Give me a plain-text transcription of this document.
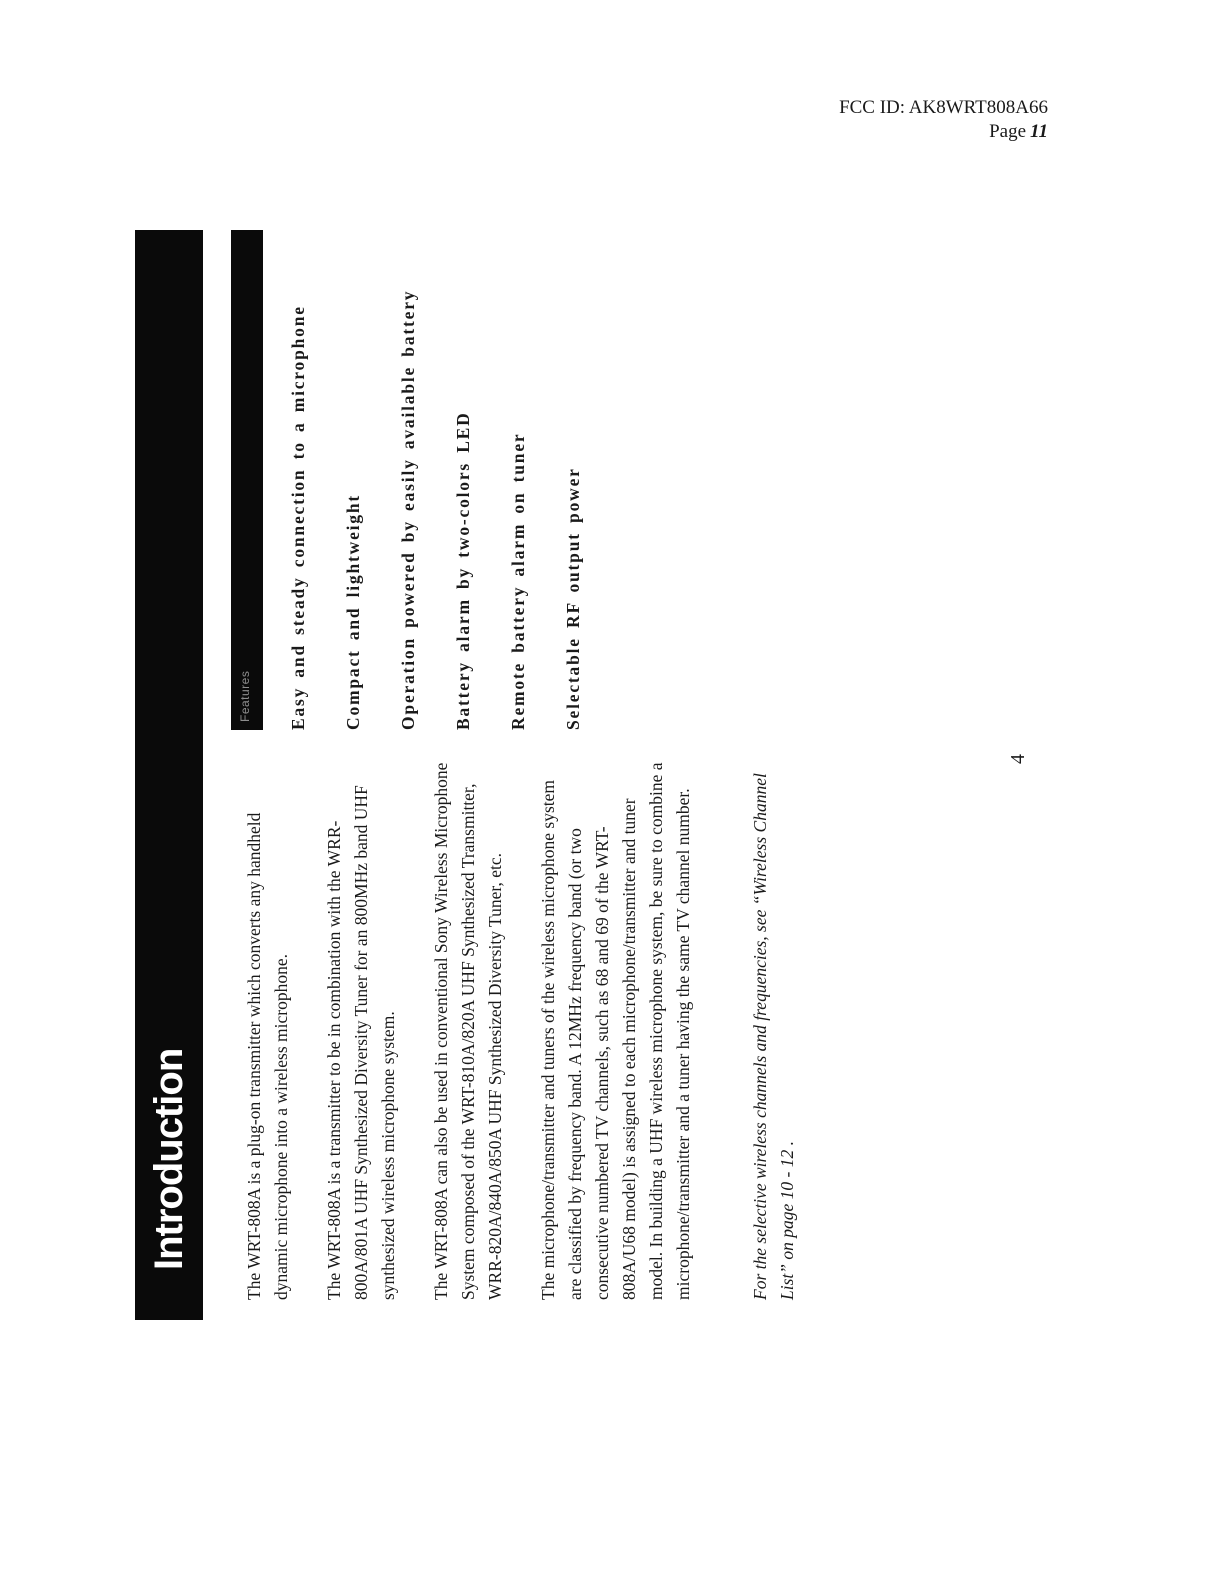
FCC ID: AK8WRT808A66
Page 11
Introduction	The WRT-808A is a plug-on transmitter which converts any handheld dynamic microphone into a wireless microphone. The WRT-808A is a transmitter to be in combination with the WRR-800A/801A UHF Synthesized Diversity Tuner for an 800MHz band UHF synthesized wireless microphone system. The WRT-808A can also be used in conventional Sony Wireless Microphone System composed of the WRT-810A/820A UHF Synthesized Transmitter, WRR-820A/840A/850A UHF Synthesized Diversity Tuner, etc. The microphone/transmitter and tuners of the wireless microphone system are classified by frequency band. A 12MHz frequency band (or two consecutive numbered TV channels, such as 68 and 69 of the WRT-808A/U68 model) is assigned to each microphone/transmitter and tuner model. In building a UHF wireless microphone system, be sure to combine a microphone/transmitter and a tuner having the same TV channel number.	For the selective wireless channels and frequencies, see “Wireless Channel List” on page 10 - 12 .

Features Easy and steady connection to a microphone Compact and lightweight Operation powered by easily available battery Battery alarm by two-colors LED Remote battery alarm on tuner Selectable RF output power
4
